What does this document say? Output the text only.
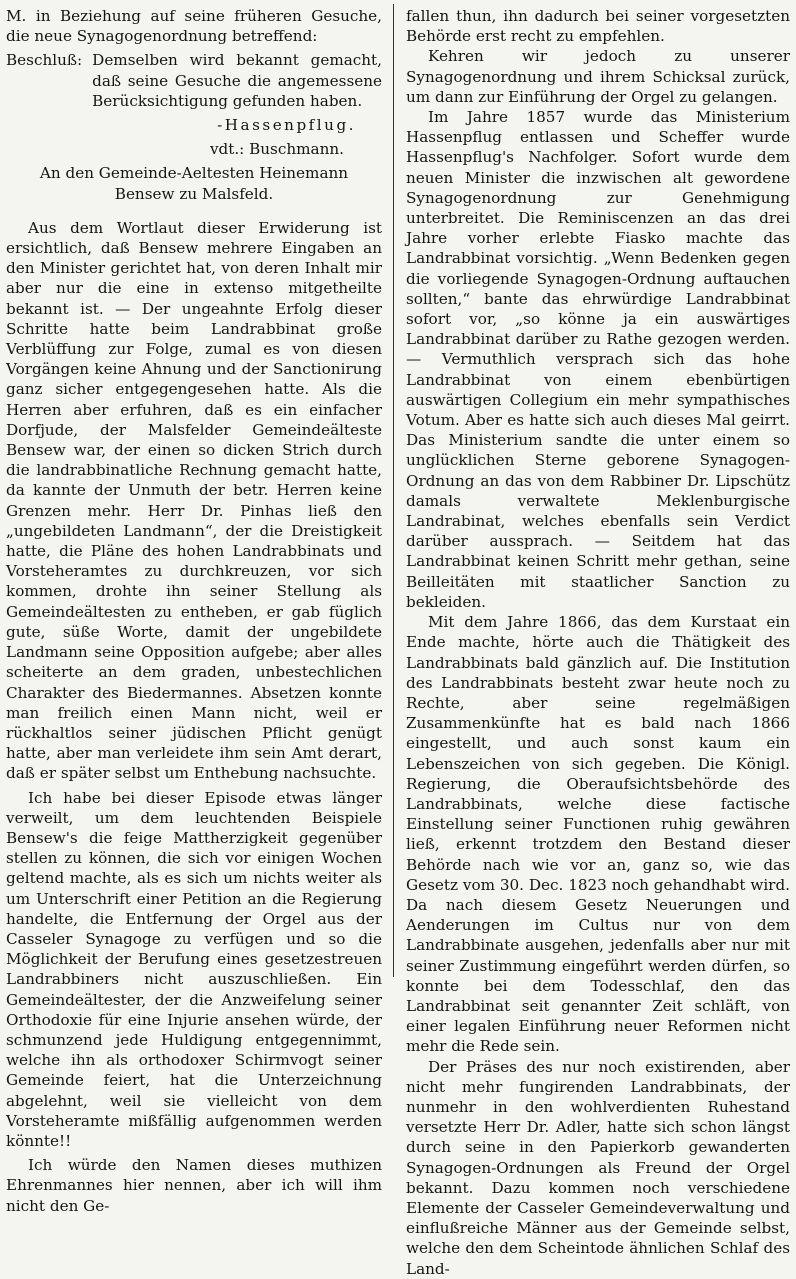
M. in Beziehung auf seine früheren Gesuche, die neue Synagogenordnung betreffend:

Beschluß: Demselben wird bekannt gemacht, daß seine Gesuche die angemessene Berücksichtigung gefunden haben.

-Hassenpflug.

vdt.: Buschmann.

An den Gemeinde-Aeltesten Heinemann Bensew zu Malsfeld.

Aus dem Wortlaut dieser Erwiderung ist ersichtlich, daß Bensew mehrere Eingaben an den Minister gerichtet hat, von deren Inhalt mir aber nur die eine in extenso mitgetheilte bekannt ist. — Der ungeahnte Erfolg dieser Schritte hatte beim Landrabbinat große Verblüffung zur Folge, zumal es von diesen Vorgängen keine Ahnung und der Sanctionirung ganz sicher entgegengesehen hatte. Als die Herren aber erfuhren, daß es ein einfacher Dorfjude, der Malsfelder Gemeindeälteste Bensew war, der einen so dicken Strich durch die landrabbinatliche Rechnung gemacht hatte, da kannte der Unmuth der betr. Herren keine Grenzen mehr. Herr Dr. Pinhas ließ den „ungebildeten Landmann“, der die Dreistigkeit hatte, die Pläne des hohen Landrabbinats und Vorsteheramtes zu durchkreuzen, vor sich kommen, drohte ihn seiner Stellung als Gemeindeältesten zu entheben, er gab füglich gute, süße Worte, damit der ungebildete Landmann seine Opposition aufgebe; aber alles scheiterte an dem graden, unbestechlichen Charakter des Biedermannes. Absetzen konnte man freilich einen Mann nicht, weil er rückhaltlos seiner jüdischen Pflicht genügt hatte, aber man verleidete ihm sein Amt derart, daß er später selbst um Enthebung nachsuchte.

Ich habe bei dieser Episode etwas länger verweilt, um dem leuchtenden Beispiele Bensew's die feige Mattherzigkeit gegenüber stellen zu können, die sich vor einigen Wochen geltend machte, als es sich um nichts weiter als um Unterschrift einer Petition an die Regierung handelte, die Entfernung der Orgel aus der Casseler Synagoge zu verfügen und so die Möglichkeit der Berufung eines gesetzestreuen Landrabbiners nicht auszuschließen. Ein Gemeindeältester, der die Anzweifelung seiner Orthodoxie für eine Injurie ansehen würde, der schmunzend jede Huldigung entgegennimmt, welche ihn als orthodoxer Schirmvogt seiner Gemeinde feiert, hat die Unterzeichnung abgelehnt, weil sie vielleicht von dem Vorsteheramte mißfällig aufgenommen werden könnte!!

Ich würde den Namen dieses muthizen Ehrenmannes hier nennen, aber ich will ihm nicht den Ge-

fallen thun, ihn dadurch bei seiner vorgesetzten Behörde erst recht zu empfehlen.

Kehren wir jedoch zu unserer Synagogenordnung und ihrem Schicksal zurück, um dann zur Einführung der Orgel zu gelangen.

Im Jahre 1857 wurde das Ministerium Hassenpflug entlassen und Scheffer wurde Hassenpflug's Nachfolger. Sofort wurde dem neuen Minister die inzwischen alt gewordene Synagogenordnung zur Genehmigung unterbreitet. Die Reminiscenzen an das drei Jahre vorher erlebte Fiasko machte das Landrabbinat vorsichtig. „Wenn Bedenken gegen die vorliegende Synagogen-Ordnung auftauchen sollten,“ bante das ehrwürdige Landrabbinat sofort vor, „so könne ja ein auswärtiges Landrabbinat darüber zu Rathe gezogen werden. — Vermuthlich versprach sich das hohe Landrabbinat von einem ebenbürtigen auswärtigen Collegium ein mehr sympathisches Votum. Aber es hatte sich auch dieses Mal geirrt. Das Ministerium sandte die unter einem so unglücklichen Sterne geborene Synagogen-Ordnung an das von dem Rabbiner Dr. Lipschütz damals verwaltete Meklenburgische Landrabinat, welches ebenfalls sein Verdict darüber aussprach. — Seitdem hat das Landrabbinat keinen Schritt mehr gethan, seine Beilleitäten mit staatlicher Sanction zu bekleiden.

Mit dem Jahre 1866, das dem Kurstaat ein Ende machte, hörte auch die Thätigkeit des Landrabbinats bald gänzlich auf. Die Institution des Landrabbinats besteht zwar heute noch zu Rechte, aber seine regelmäßigen Zusammenkünfte hat es bald nach 1866 eingestellt, und auch sonst kaum ein Lebenszeichen von sich gegeben. Die Königl. Regierung, die Oberaufsichtsbehörde des Landrabbinats, welche diese factische Einstellung seiner Functionen ruhig gewähren ließ, erkennt trotzdem den Bestand dieser Behörde nach wie vor an, ganz so, wie das Gesetz vom 30. Dec. 1823 noch gehandhabt wird. Da nach diesem Gesetz Neuerungen und Aenderungen im Cultus nur von dem Landrabbinate ausgehen, jedenfalls aber nur mit seiner Zustimmung eingeführt werden dürfen, so konnte bei dem Todesschlaf, den das Landrabbinat seit genannter Zeit schläft, von einer legalen Einführung neuer Reformen nicht mehr die Rede sein.

Der Präses des nur noch existirenden, aber nicht mehr fungirenden Landrabbinats, der nunmehr in den wohlverdienten Ruhestand versetzte Herr Dr. Adler, hatte sich schon längst durch seine in den Papierkorb gewanderten Synagogen-Ordnungen als Freund der Orgel bekannt. Dazu kommen noch verschiedene Elemente der Casseler Gemeindeverwaltung und einflußreiche Männer aus der Gemeinde selbst, welche den dem Scheintode ähnlichen Schlaf des Land-
